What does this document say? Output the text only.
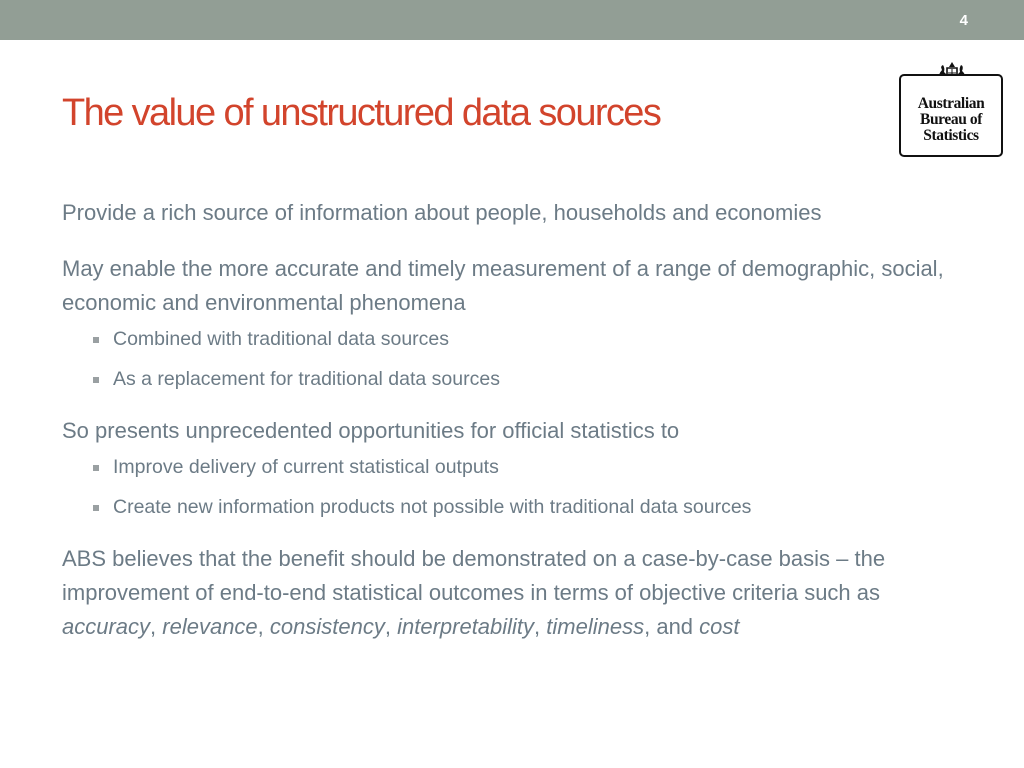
4
The value of unstructured data sources	Australian
Bureau of
Statistics

Provide a rich source of information about people, households and economies

May enable the more accurate and timely measurement of a range of demographic, social, economic and environmental phenomena

Combined with traditional data sources
As a replacement for traditional data sources

So presents unprecedented opportunities for official statistics to

Improve delivery of current statistical outputs
Create new information products not possible with traditional data sources

ABS believes that the benefit should be demonstrated on a case-by-case basis – the improvement of end-to-end statistical outcomes in terms of objective criteria such as accuracy, relevance, consistency, interpretability, timeliness, and cost
